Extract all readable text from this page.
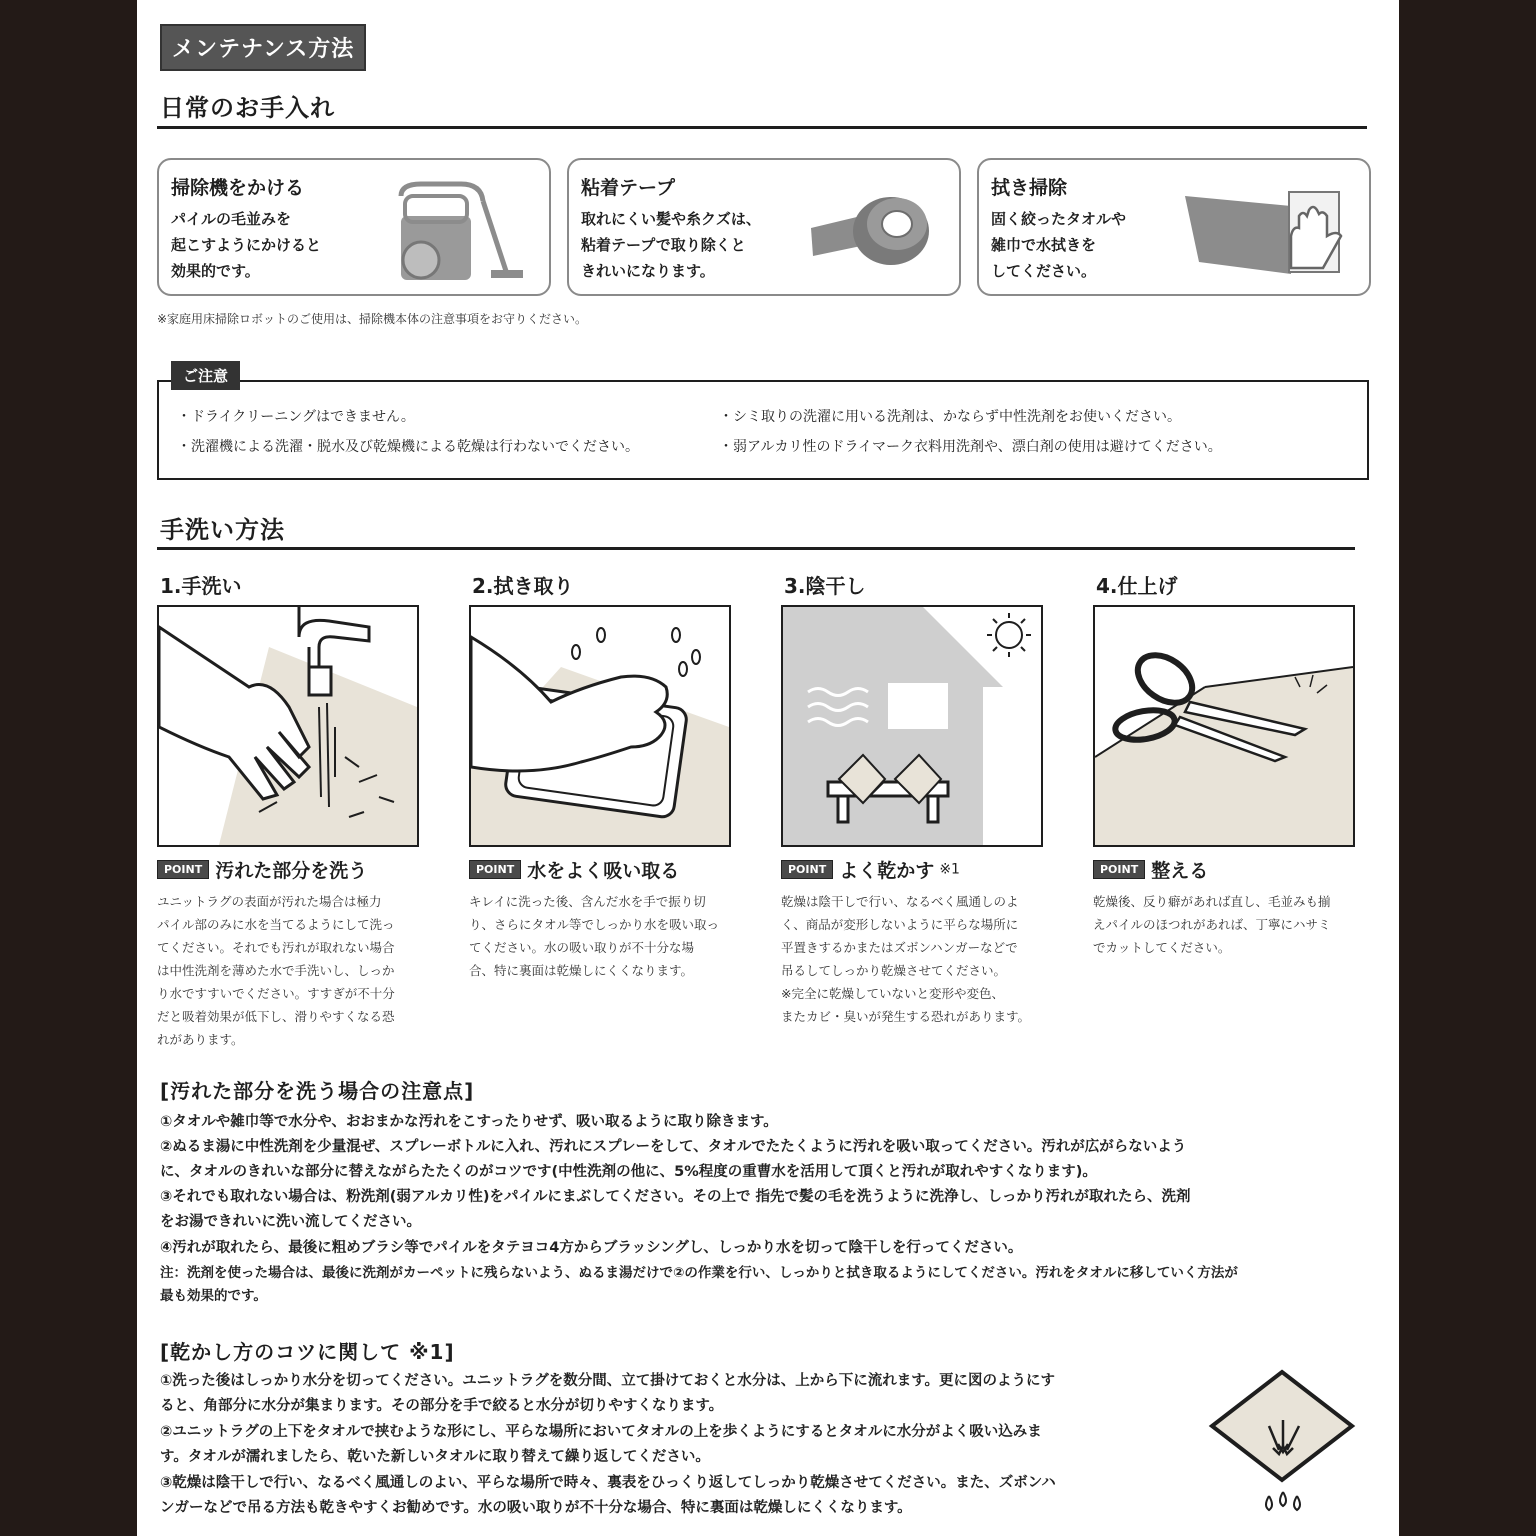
メンテナンス方法
日常のお手入れ
掃除機をかける
パイルの毛並みを
起こすようにかけると
効果的です。
粘着テープ
取れにくい髪や糸クズは、
粘着テープで取り除くと
きれいになります。
拭き掃除
固く絞ったタオルや
雑巾で水拭きを
してください。
※家庭用床掃除ロボットのご使用は、掃除機本体の注意事項をお守りください。
ご注意
・ドライクリーニングはできません。
・洗濯機による洗濯・脱水及び乾燥機による乾燥は行わないでください。
・シミ取りの洗濯に用いる洗剤は、かならず中性洗剤をお使いください。
・弱アルカリ性のドライマーク衣料用洗剤や、漂白剤の使用は避けてください。
手洗い方法
1.手洗い
POINT 汚れた部分を洗う
ユニットラグの表面が汚れた場合は極力
パイル部のみに水を当てるようにして洗っ
てください。それでも汚れが取れない場合
は中性洗剤を薄めた水で手洗いし、しっか
り水ですすいでください。すすぎが不十分
だと吸着効果が低下し、滑りやすくなる恐
れがあります。
2.拭き取り
POINT 水をよく吸い取る
キレイに洗った後、含んだ水を手で振り切
り、さらにタオル等でしっかり水を吸い取っ
てください。水の吸い取りが不十分な場
合、特に裏面は乾燥しにくくなります。
3.陰干し
POINT よく乾かす ※1
乾燥は陰干しで行い、なるべく風通しのよ
く、商品が変形しないように平らな場所に
平置きするかまたはズボンハンガーなどで
吊るしてしっかり乾燥させてください。
※完全に乾燥していないと変形や変色、
またカビ・臭いが発生する恐れがあります。
4.仕上げ
POINT 整える
乾燥後、反り癖があれば直し、毛並みも揃
えパイルのほつれがあれば、丁寧にハサミ
でカットしてください。
[汚れた部分を洗う場合の注意点]
①タオルや雑巾等で水分や、おおまかな汚れをこすったりせず、吸い取るように取り除きます。
②ぬるま湯に中性洗剤を少量混ぜ、スプレーボトルに入れ、汚れにスプレーをして、タオルでたたくように汚れを吸い取ってください。汚れが広がらないよう
に、タオルのきれいな部分に替えながらたたくのがコツです(中性洗剤の他に、5%程度の重曹水を活用して頂くと汚れが取れやすくなります)。
③それでも取れない場合は、粉洗剤(弱アルカリ性)をパイルにまぶしてください。その上で 指先で髪の毛を洗うように洗浄し、しっかり汚れが取れたら、洗剤
をお湯できれいに洗い流してください。
④汚れが取れたら、最後に粗めブラシ等でパイルをタテヨコ4方からブラッシングし、しっかり水を切って陰干しを行ってください。
注：洗剤を使った場合は、最後に洗剤がカーペットに残らないよう、ぬるま湯だけで②の作業を行い、しっかりと拭き取るようにしてください。汚れをタオルに移していく方法が
最も効果的です。
[乾かし方のコツに関して ※1]
①洗った後はしっかり水分を切ってください。ユニットラグを数分間、立て掛けておくと水分は、上から下に流れます。更に図のようにす
ると、角部分に水分が集まります。その部分を手で絞ると水分が切りやすくなります。
②ユニットラグの上下をタオルで挟むような形にし、平らな場所においてタオルの上を歩くようにするとタオルに水分がよく吸い込みま
す。タオルが濡れましたら、乾いた新しいタオルに取り替えて繰り返してください。
③乾燥は陰干しで行い、なるべく風通しのよい、平らな場所で時々、裏表をひっくり返してしっかり乾燥させてください。また、ズボンハ
ンガーなどで吊る方法も乾きやすくお勧めです。水の吸い取りが不十分な場合、特に裏面は乾燥しにくくなります。
